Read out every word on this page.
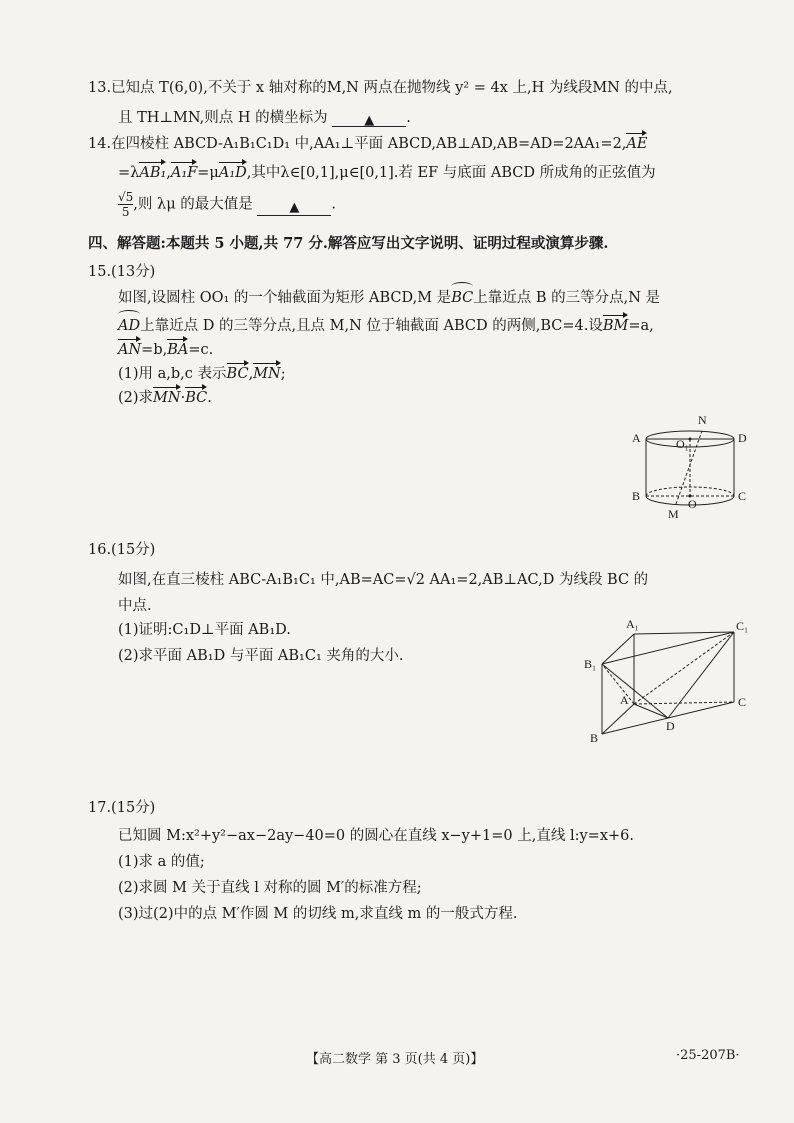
13.已知点 T(6,0),不关于 x 轴对称的M,N 两点在抛物线 y² = 4x 上,H 为线段MN 的中点,
且 TH⊥MN,则点 H 的横坐标为	▲ .
14.在四棱柱 ABCD-A₁B₁C₁D₁ 中,AA₁⊥平面 ABCD,AB⊥AD,AB=AD=2AA₁=2,AE
=λAB₁,A₁F=μA₁D,其中λ∈[0,1],μ∈[0,1].若 EF 与底面 ABCD 所成角的正弦值为
$\frac{√5}{5}$ ,则 λμ 的最大值是	▲ .
四、解答题:本题共 5 小题,共 77 分.解答应写出文字说明、证明过程或演算步骤.
15.(13分)
如图,设圆柱 OO₁ 的一个轴截面为矩形 ABCD,M 是BC上靠近点 B 的三等分点,N 是
AD上靠近点 D 的三等分点,且点 M,N 位于轴截面 ABCD 的两侧,BC=4.设BM=a,
AN=b,BA=c.
(1)用 a,b,c 表示BC,MN;
(2)求MN·BC.
A	D
B	C
N
O₁
O
M
16.(15分)
如图,在直三棱柱 ABC-A₁B₁C₁ 中,AB=AC=√2 AA₁=2,AB⊥AC,D 为线段 BC 的
中点.
(1)证明:C₁D⊥平面 AB₁D.
(2)求平面 AB₁D 与平面 AB₁C₁ 夹角的大小.
A₁	C₁
B₁
A	C
D
B
17.(15分)
已知圆 M:x²+y²−ax−2ay−40=0 的圆心在直线 x−y+1=0 上,直线 l:y=x+6.
(1)求 a 的值;
(2)求圆 M 关于直线 l 对称的圆 M′的标准方程;
(3)过(2)中的点 M′作圆 M 的切线 m,求直线 m 的一般式方程.
【高二数学 第 3 页(共 4 页)】	·25-207B·
